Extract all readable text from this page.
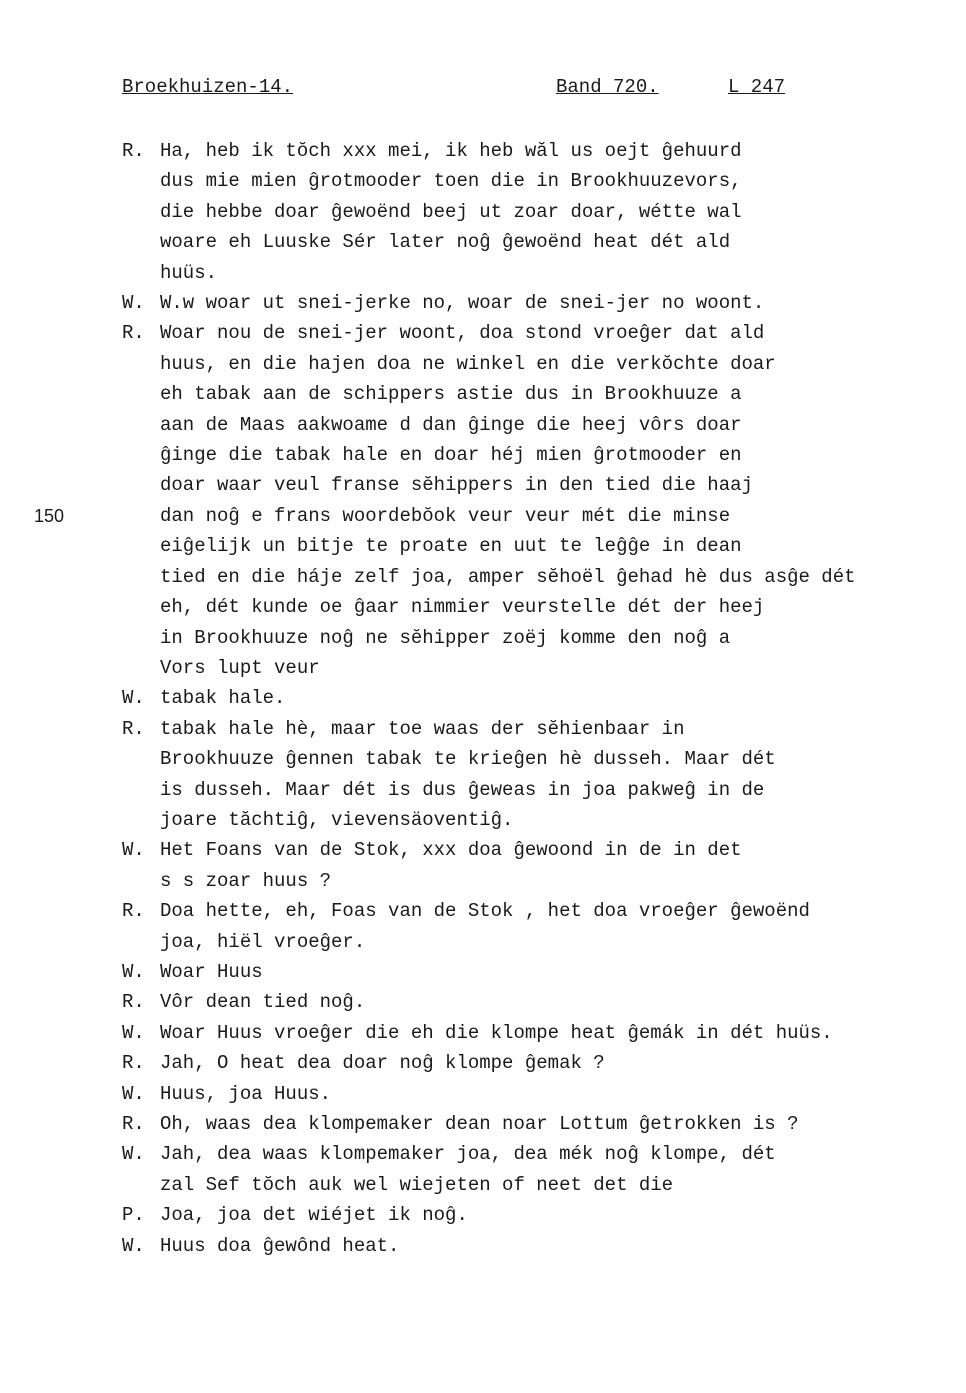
Broekhuizen-14.	Band 720.	L 247
150
R. Ha, heb ik tŏch xxx mei, ik heb wăl us oejt ĝehuurd
dus mie mien ĝrotmooder toen die in Brookhuuzevors,
die hebbe doar ĝewoënd beej ut zoar doar, wétte wal
woare eh Luuske Sér later noĝ ĝewoënd heat dét ald
huüs.
W. W.w woar ut snei-jerke no, woar de snei-jer no woont.
R. Woar nou de snei-jer woont, doa stond vroeĝer dat ald
huus, en die hajen doa ne winkel en die verkŏchte doar
eh tabak aan de schippers astie dus in Brookhuuze a
aan de Maas aakwoame d dan ĝinge die heej vôrs doar
ĝinge die tabak hale en doar héj mien ĝrotmooder en
doar waar veul franse sĕhippers in den tied die haaj
dan noĝ e frans woordebŏok veur veur mét die minse
eiĝelijk un bitje te proate en uut te leĝĝe in dean
tied en die háje zelf joa, amper sĕhoël ĝehad hè dus asĝe dét
eh, dét kunde oe ĝaar nimmier veurstelle dét der heej
in Brookhuuze noĝ ne sĕhipper zoëj komme den noĝ a
Vors lupt veur
W. tabak hale.
R. tabak hale hè, maar toe waas der sĕhienbaar in
Brookhuuze ĝennen tabak te krieĝen hè dusseh. Maar dét
is dusseh. Maar dét is dus ĝeweas in joa pakweĝ in de
joare tăchtiĝ, vievensäoventiĝ.
W. Het Foans van de Stok, xxx doa ĝewoond in de in det
s s zoar huus ?
R. Doa hette, eh, Foas van de Stok , het doa vroeĝer ĝewoënd
joa, hiël vroeĝer.
W. Woar Huus
R. Vôr dean tied noĝ.
W. Woar Huus vroeĝer die eh die klompe heat ĝemák in dét huüs.
R. Jah, O heat dea doar noĝ klompe ĝemak ?
W. Huus, joa Huus.
R. Oh, waas dea klompemaker dean noar Lottum ĝetrokken is ?
W. Jah, dea waas klompemaker joa, dea mék noĝ klompe, dét
zal Sef tŏch auk wel wiejeten of neet det die
P. Joa, joa det wiéjet ik noĝ.
W. Huus doa ĝewônd heat.
